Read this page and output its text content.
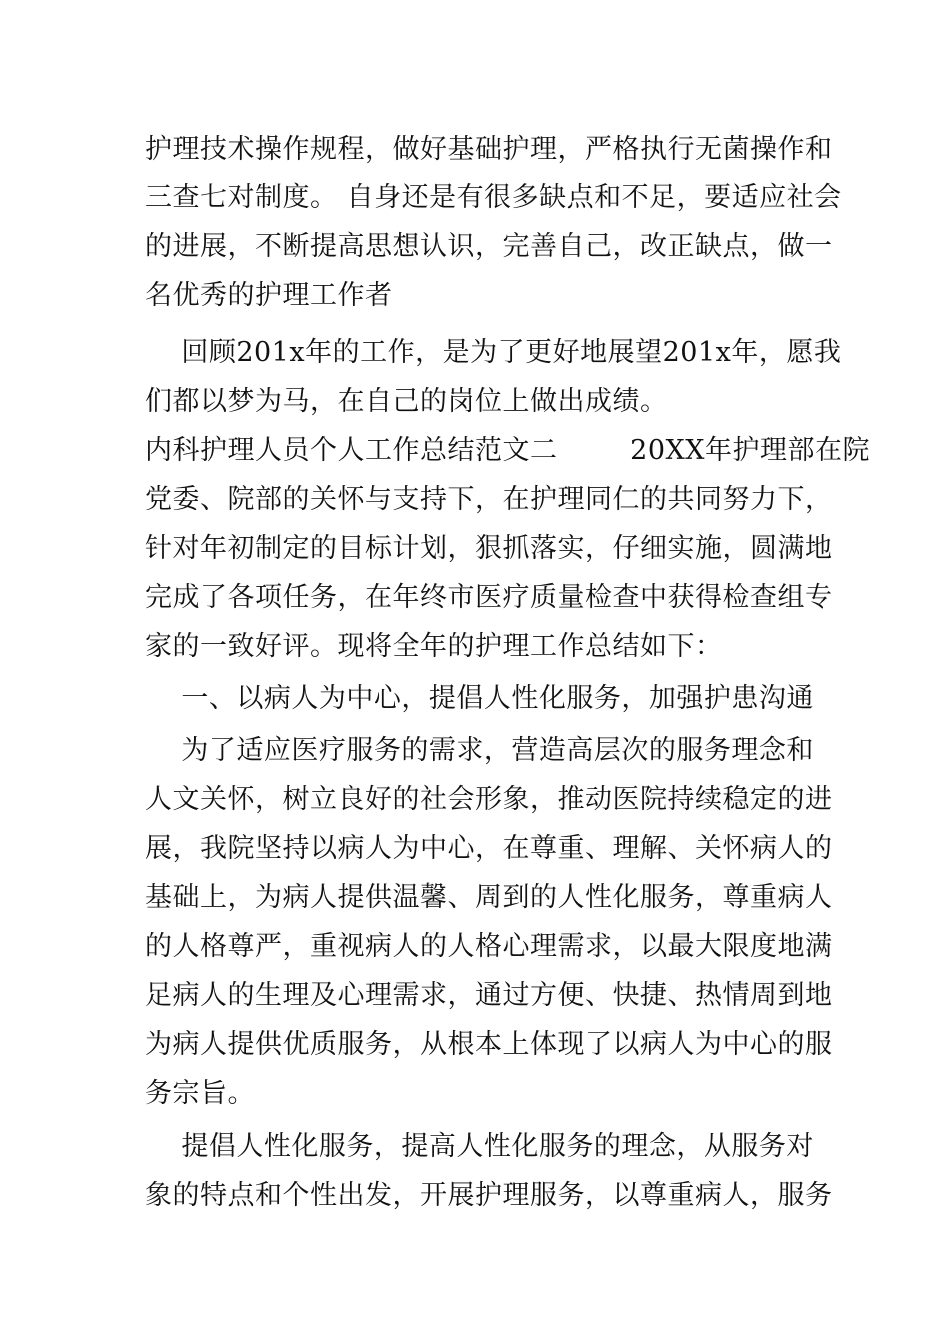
护理技术操作规程，做好基础护理，严格执行无菌操作和
三查七对制度。 自身还是有很多缺点和不足，要适应社会
的进展，不断提高思想认识，完善自己，改正缺点，做一
名优秀的护理工作者
回顾201x年的工作，是为了更好地展望201x年，愿我
们都以梦为马，在自己的岗位上做出成绩。
内科护理人员个人工作总结范文二        20XX年护理部在院
党委、院部的关怀与支持下，在护理同仁的共同努力下，
针对年初制定的目标计划，狠抓落实，仔细实施，圆满地
完成了各项任务，在年终市医疗质量检查中获得检查组专
家的一致好评。现将全年的护理工作总结如下：
一、以病人为中心，提倡人性化服务，加强护患沟通
为了适应医疗服务的需求，营造高层次的服务理念和
人文关怀，树立良好的社会形象，推动医院持续稳定的进
展，我院坚持以病人为中心，在尊重、理解、关怀病人的
基础上，为病人提供温馨、周到的人性化服务，尊重病人
的人格尊严，重视病人的人格心理需求，以最大限度地满
足病人的生理及心理需求，通过方便、快捷、热情周到地
为病人提供优质服务，从根本上体现了以病人为中心的服
务宗旨。
提倡人性化服务，提高人性化服务的理念，从服务对
象的特点和个性出发，开展护理服务，以尊重病人，服务
